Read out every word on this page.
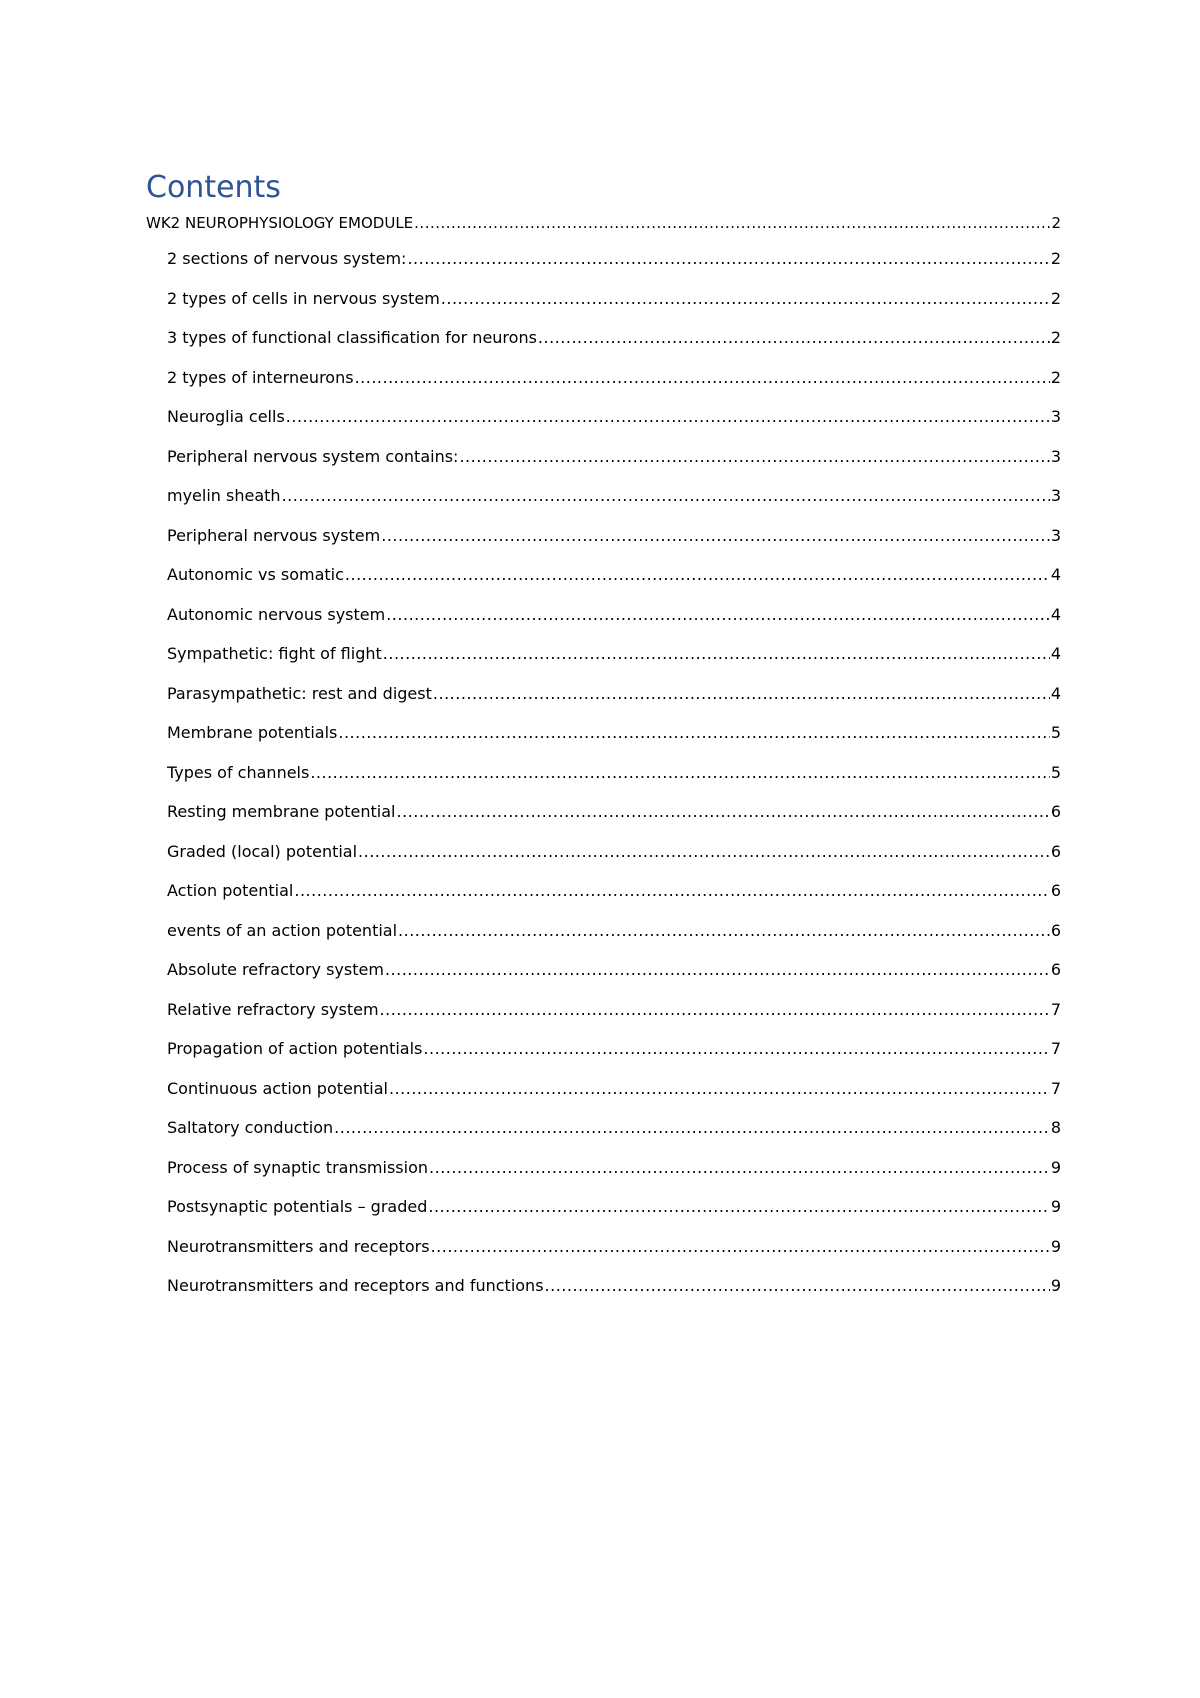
Contents
WK2 NEUROPHYSIOLOGY EMODULE .....	2
2 sections of nervous system: .....	2
2 types of cells in nervous system .....	2
3 types of functional classification for neurons .....	2
2 types of interneurons .....	2
Neuroglia cells .....	3
Peripheral nervous system contains: .....	3
myelin sheath .....	3
Peripheral nervous system .....	3
Autonomic vs somatic .....	4
Autonomic nervous system .....	4
Sympathetic: fight of flight .....	4
Parasympathetic: rest and digest .....	4
Membrane potentials .....	5
Types of channels .....	5
Resting membrane potential .....	6
Graded (local) potential .....	6
Action potential .....	6
events of an action potential .....	6
Absolute refractory system .....	6
Relative refractory system .....	7
Propagation of action potentials .....	7
Continuous action potential .....	7
Saltatory conduction .....	8
Process of synaptic transmission .....	9
Postsynaptic potentials – graded .....	9
Neurotransmitters and receptors .....	9
Neurotransmitters and receptors and functions .....	9
